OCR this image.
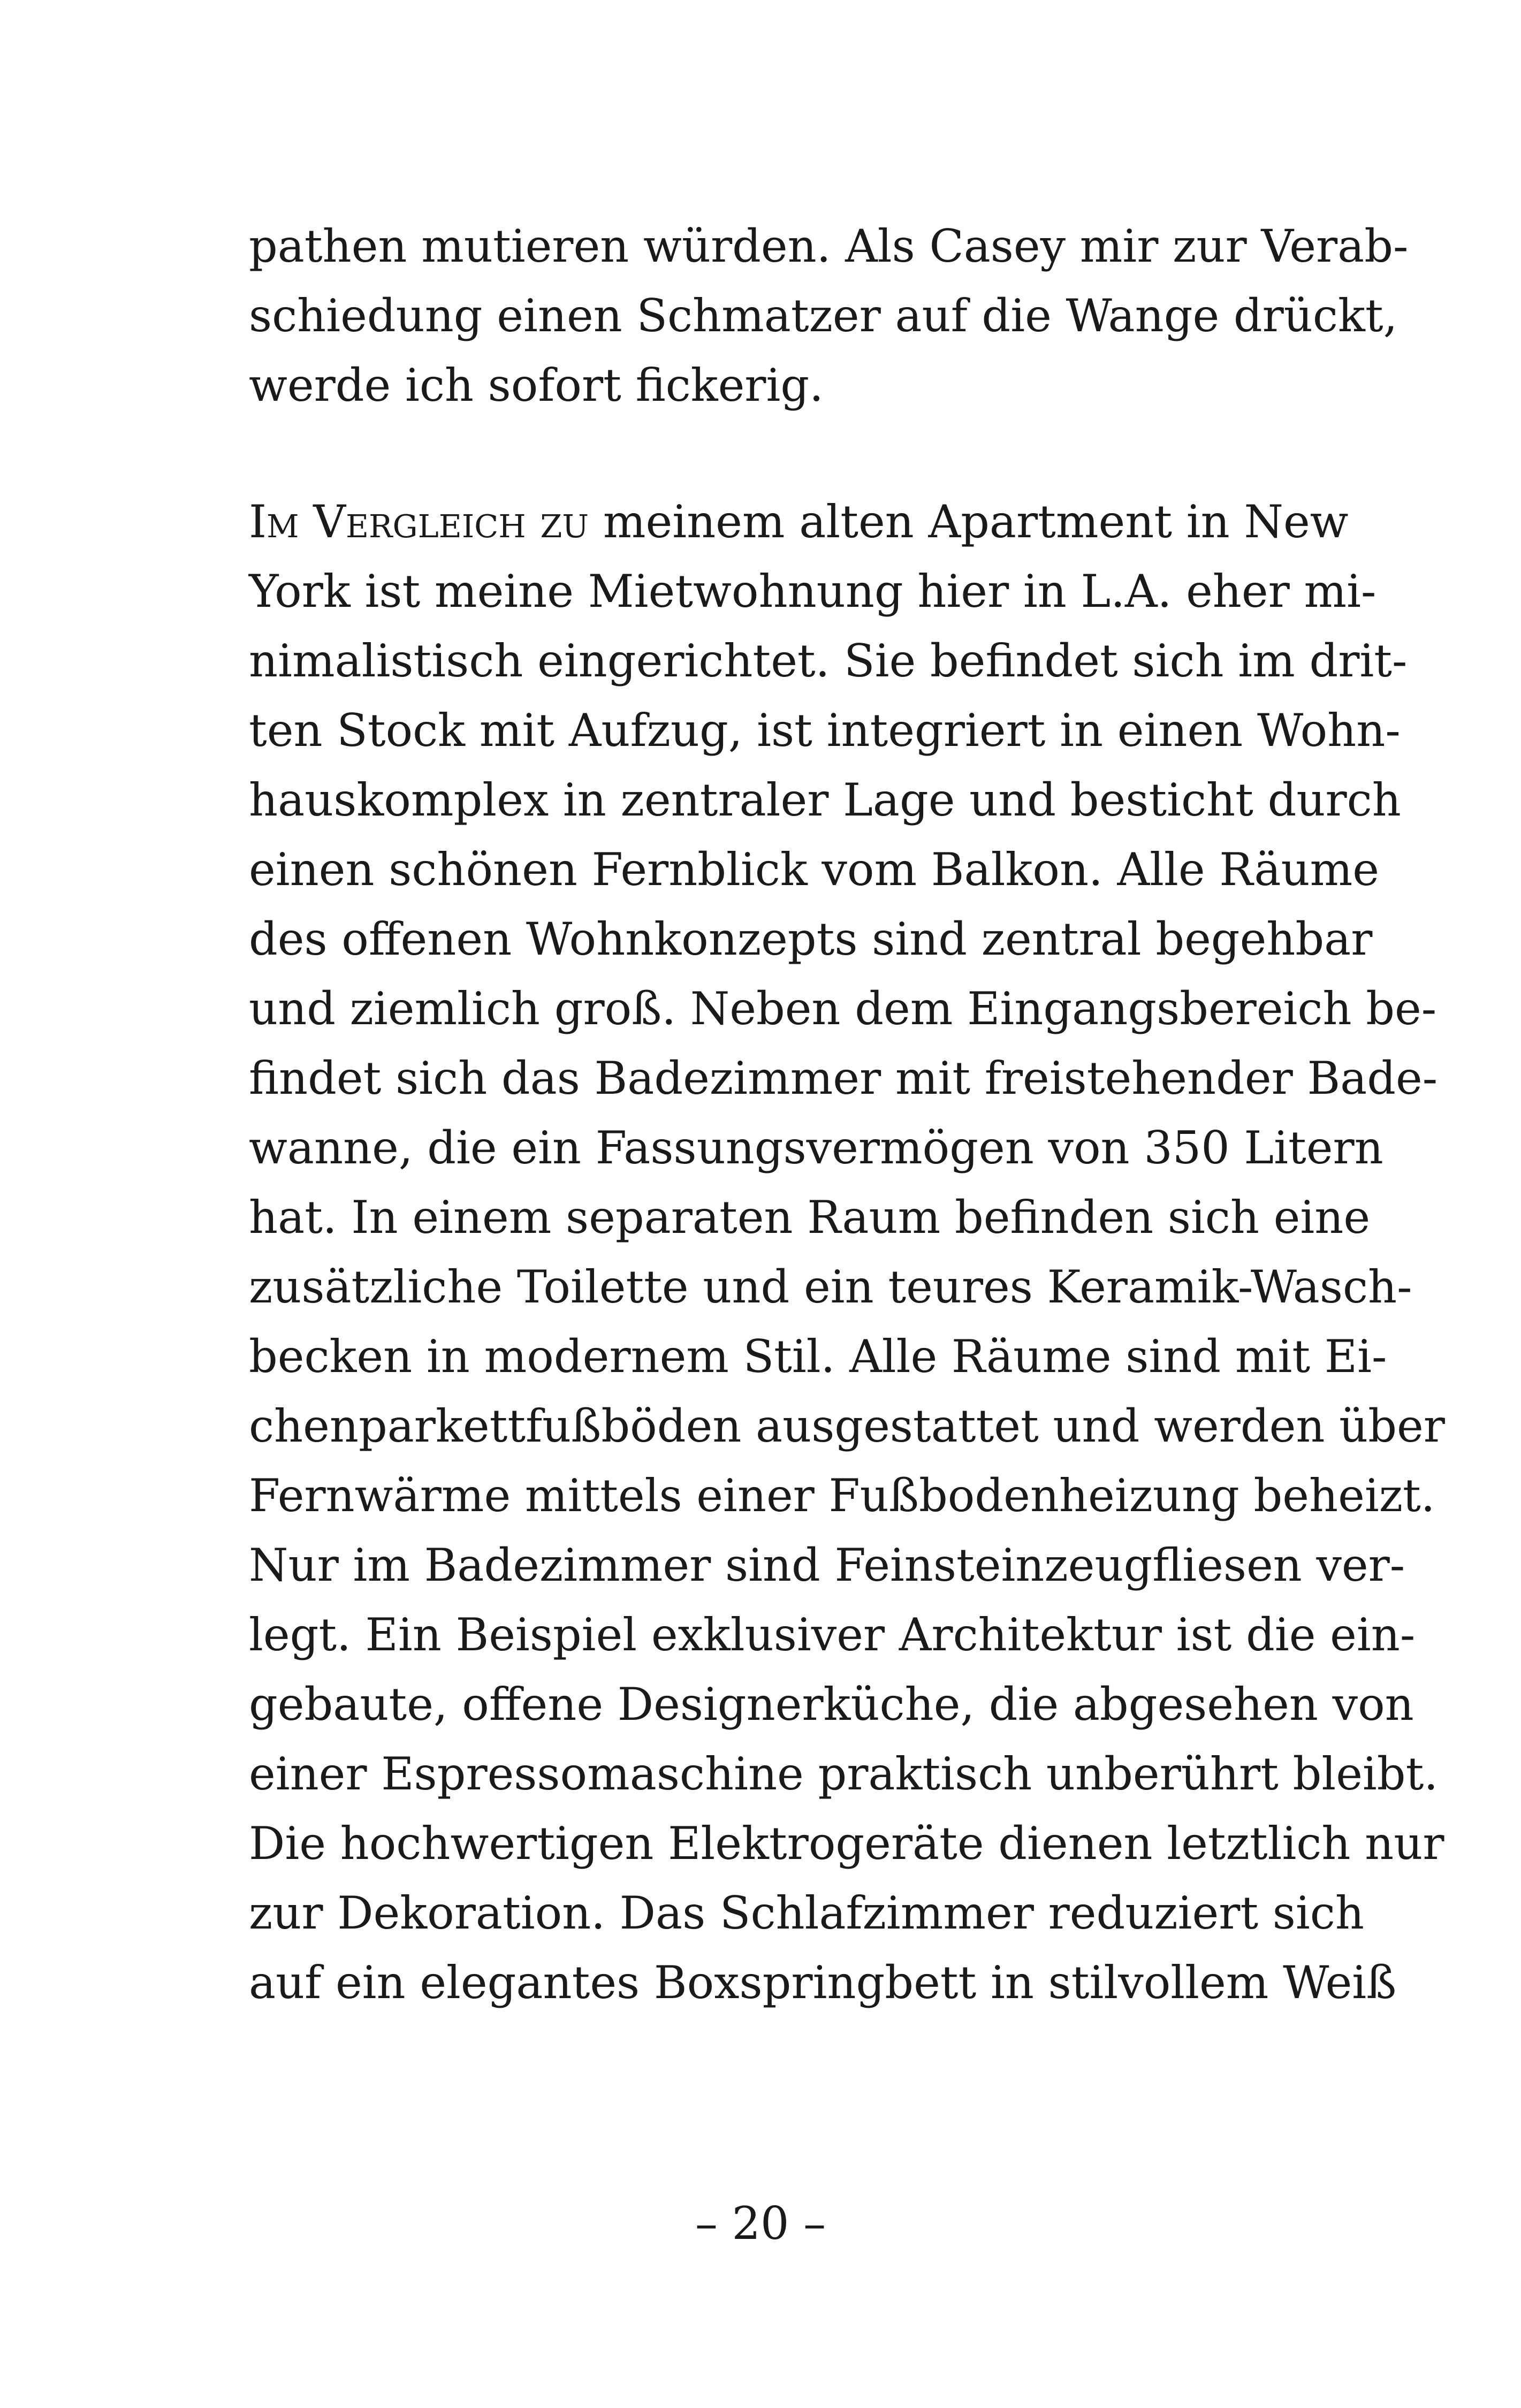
pathen mutieren würden. Als Casey mir zur Verab-
schiedung einen Schmatzer auf die Wange drückt,
werde ich sofort fickerig.
Im Vergleich zu meinem alten Apartment in New
York ist meine Mietwohnung hier in L.A. eher mi-
nimalistisch eingerichtet. Sie befindet sich im drit-
ten Stock mit Aufzug, ist integriert in einen Wohn-
hauskomplex in zentraler Lage und besticht durch
einen schönen Fernblick vom Balkon. Alle Räume
des offenen Wohnkonzepts sind zentral begehbar
und ziemlich groß. Neben dem Eingangsbereich be-
findet sich das Badezimmer mit freistehender Bade-
wanne, die ein Fassungsvermögen von 350 Litern
hat. In einem separaten Raum befinden sich eine
zusätzliche Toilette und ein teures Keramik-Wasch-
becken in modernem Stil. Alle Räume sind mit Ei-
chenparkettfußböden ausgestattet und werden über
Fernwärme mittels einer Fußbodenheizung beheizt.
Nur im Badezimmer sind Feinsteinzeugfliesen ver-
legt. Ein Beispiel exklusiver Architektur ist die ein-
gebaute, offene Designerküche, die abgesehen von
einer Espressomaschine praktisch unberührt bleibt.
Die hochwertigen Elektrogeräte dienen letztlich nur
zur Dekoration. Das Schlafzimmer reduziert sich
auf ein elegantes Boxspringbett in stilvollem Weiß
– 20 –
